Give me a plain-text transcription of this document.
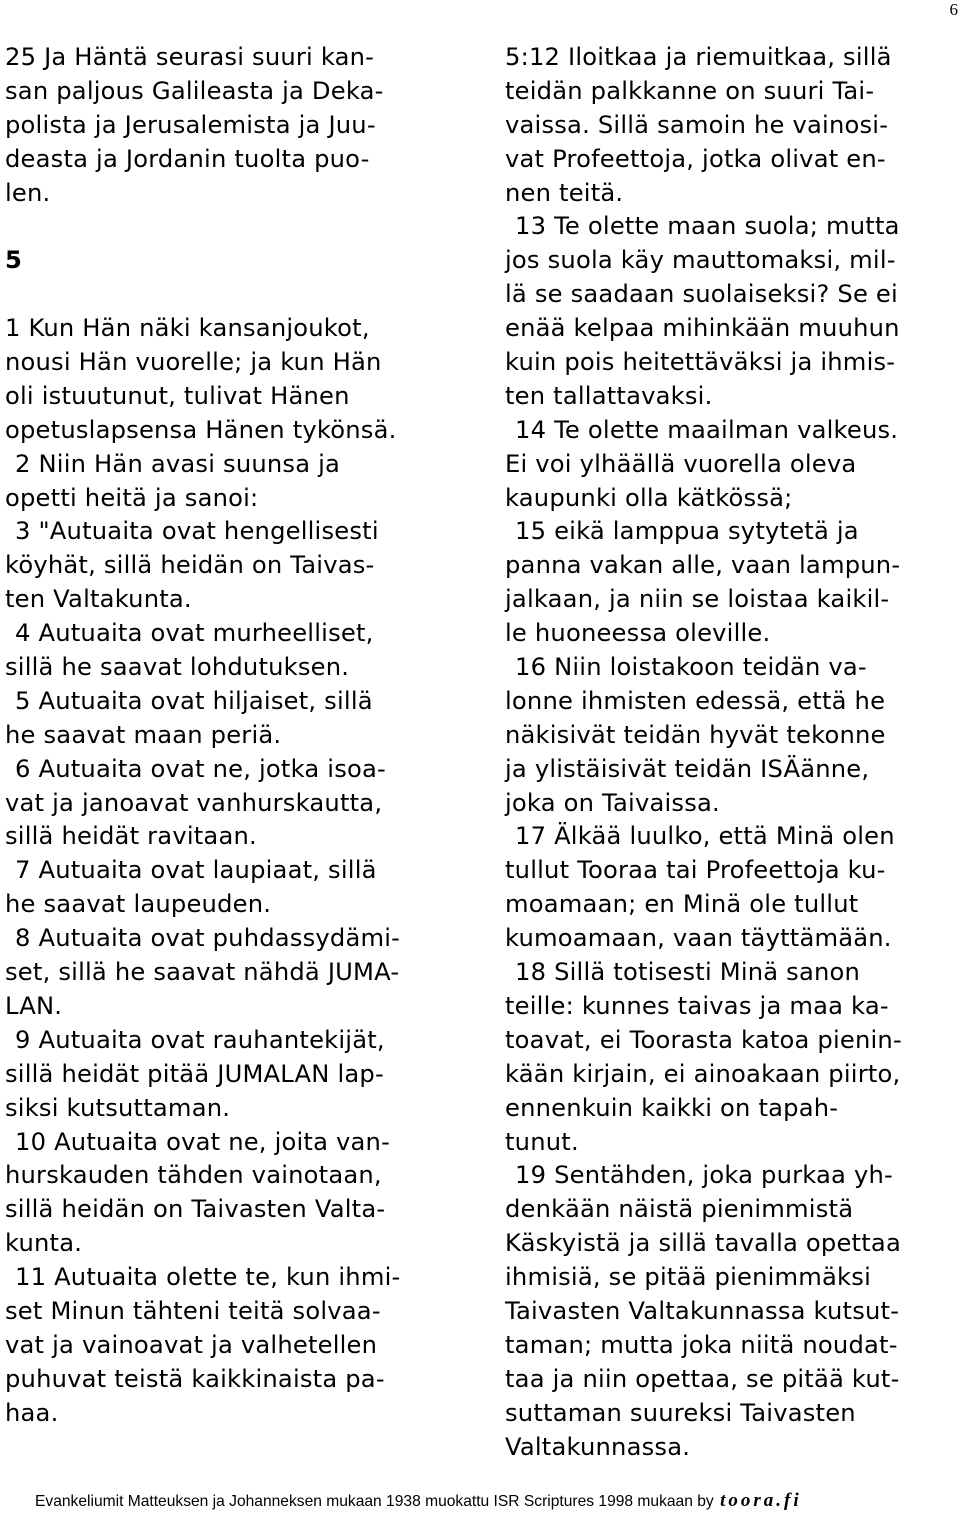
6
25 Ja Häntä seurasi suuri kan-
san paljous Galileasta ja Deka-
polista ja Jerusalemista ja Juu-
deasta ja Jordanin tuolta puo-
len.
5
1 Kun Hän näki kansanjoukot,
nousi Hän vuorelle; ja kun Hän
oli istuutunut, tulivat Hänen
opetuslapsensa Hänen tykönsä.
2 Niin Hän avasi suunsa ja
opetti heitä ja sanoi:
3 "Autuaita ovat hengellisesti
köyhät, sillä heidän on Taivas-
ten Valtakunta.
4 Autuaita ovat murheelliset,
sillä he saavat lohdutuksen.
5 Autuaita ovat hiljaiset, sillä
he saavat maan periä.
6 Autuaita ovat ne, jotka isoa-
vat ja janoavat vanhurskautta,
sillä heidät ravitaan.
7 Autuaita ovat laupiaat, sillä
he saavat laupeuden.
8 Autuaita ovat puhdassydämi-
set, sillä he saavat nähdä JUMA-
LAN.
9 Autuaita ovat rauhantekijät,
sillä heidät pitää JUMALAN lap-
siksi kutsuttaman.
10 Autuaita ovat ne, joita van-
hurskauden tähden vainotaan,
sillä heidän on Taivasten Valta-
kunta.
11 Autuaita olette te, kun ihmi-
set Minun tähteni teitä solvaa-
vat ja vainoavat ja valhetellen
puhuvat teistä kaikkinaista pa-
haa.
5:12 Iloitkaa ja riemuitkaa, sillä
teidän palkkanne on suuri Tai-
vaissa. Sillä samoin he vainosi-
vat Profeettoja, jotka olivat en-
nen teitä.
13 Te olette maan suola; mutta
jos suola käy mauttomaksi, mil-
lä se saadaan suolaiseksi? Se ei
enää kelpaa mihinkään muuhun
kuin pois heitettäväksi ja ihmis-
ten tallattavaksi.
14 Te olette maailman valkeus.
Ei voi ylhäällä vuorella oleva
kaupunki olla kätkössä;
15 eikä lamppua sytytetä ja
panna vakan alle, vaan lampun-
jalkaan, ja niin se loistaa kaikil-
le huoneessa oleville.
16 Niin loistakoon teidän va-
lonne ihmisten edessä, että he
näkisivät teidän hyvät tekonne
ja ylistäisivät teidän ISÄänne,
joka on Taivaissa.
17 Älkää luulko, että Minä olen
tullut Tooraa tai Profeettoja ku-
moamaan; en Minä ole tullut
kumoamaan, vaan täyttämään.
18 Sillä totisesti Minä sanon
teille: kunnes taivas ja maa ka-
toavat, ei Toorasta katoa pienin-
kään kirjain, ei ainoakaan piirto,
ennenkuin kaikki on tapah-
tunut.
19 Sentähden, joka purkaa yh-
denkään näistä pienimmistä
Käskyistä ja sillä tavalla opettaa
ihmisiä, se pitää pienimmäksi
Taivasten Valtakunnassa kutsut-
taman; mutta joka niitä noudat-
taa ja niin opettaa, se pitää kut-
suttaman suureksi Taivasten
Valtakunnassa.
Evankeliumit Matteuksen ja Johanneksen mukaan 1938 muokattu ISR Scriptures 1998 mukaan by toora.fi
